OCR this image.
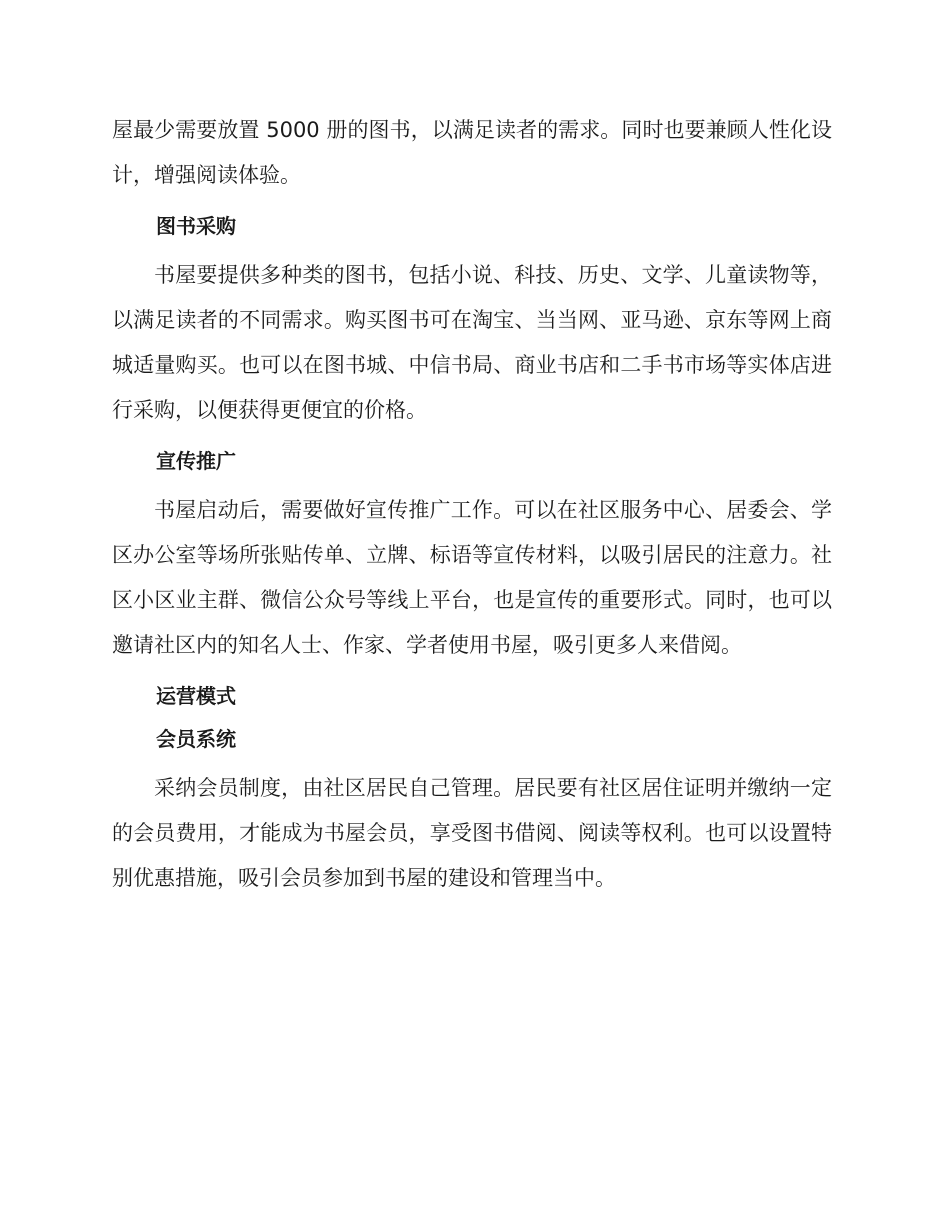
屋最少需要放置 5000 册的图书，以满足读者的需求。同时也要兼顾人性化设计，增强阅读体验。

图书采购

书屋要提供多种类的图书，包括小说、科技、历史、文学、儿童读物等，以满足读者的不同需求。购买图书可在淘宝、当当网、亚马逊、京东等网上商城适量购买。也可以在图书城、中信书局、商业书店和二手书市场等实体店进行采购，以便获得更便宜的价格。

宣传推广

书屋启动后，需要做好宣传推广工作。可以在社区服务中心、居委会、学区办公室等场所张贴传单、立牌、标语等宣传材料，以吸引居民的注意力。社区小区业主群、微信公众号等线上平台，也是宣传的重要形式。同时，也可以邀请社区内的知名人士、作家、学者使用书屋，吸引更多人来借阅。

运营模式
会员系统

采纳会员制度，由社区居民自己管理。居民要有社区居住证明并缴纳一定的会员费用，才能成为书屋会员，享受图书借阅、阅读等权利。也可以设置特别优惠措施，吸引会员参加到书屋的建设和管理当中。
